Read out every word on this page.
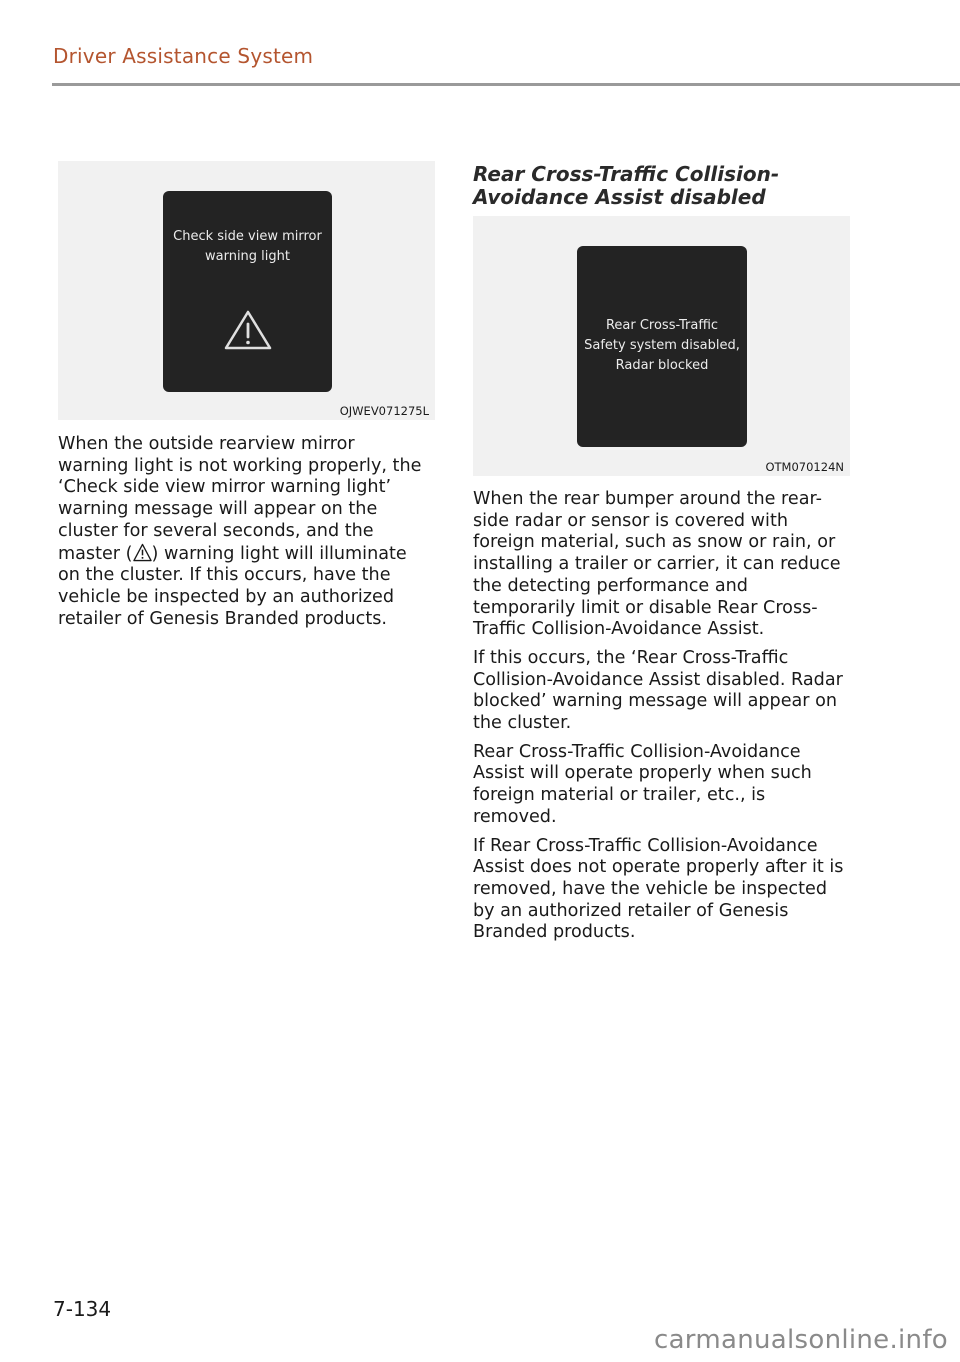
Driver Assistance System
Check side view mirror
warning light
OJWEV071275L

When the outside rearview mirror warning light is not working properly, the ‘Check side view mirror warning light’ warning message will appear on the cluster for several seconds, and the master ( ) warning light will illuminate on the cluster. If this occurs, have the vehicle be inspected by an authorized retailer of Genesis Branded products.

Rear Cross-Traffic Collision-Avoidance Assist disabled
Rear Cross-Traffic
Safety system disabled,
Radar blocked
OTM070124N

When the rear bumper around the rear-side radar or sensor is covered with foreign material, such as snow or rain, or installing a trailer or carrier, it can reduce the detecting performance and temporarily limit or disable Rear Cross-Traffic Collision-Avoidance Assist.

If this occurs, the ‘Rear Cross-Traffic Collision-Avoidance Assist disabled. Radar blocked’ warning message will appear on the cluster.

Rear Cross-Traffic Collision-Avoidance Assist will operate properly when such foreign material or trailer, etc., is removed.

If Rear Cross-Traffic Collision-Avoidance Assist does not operate properly after it is removed, have the vehicle be inspected by an authorized retailer of Genesis Branded products.

7-134
carmanualsonline.info
